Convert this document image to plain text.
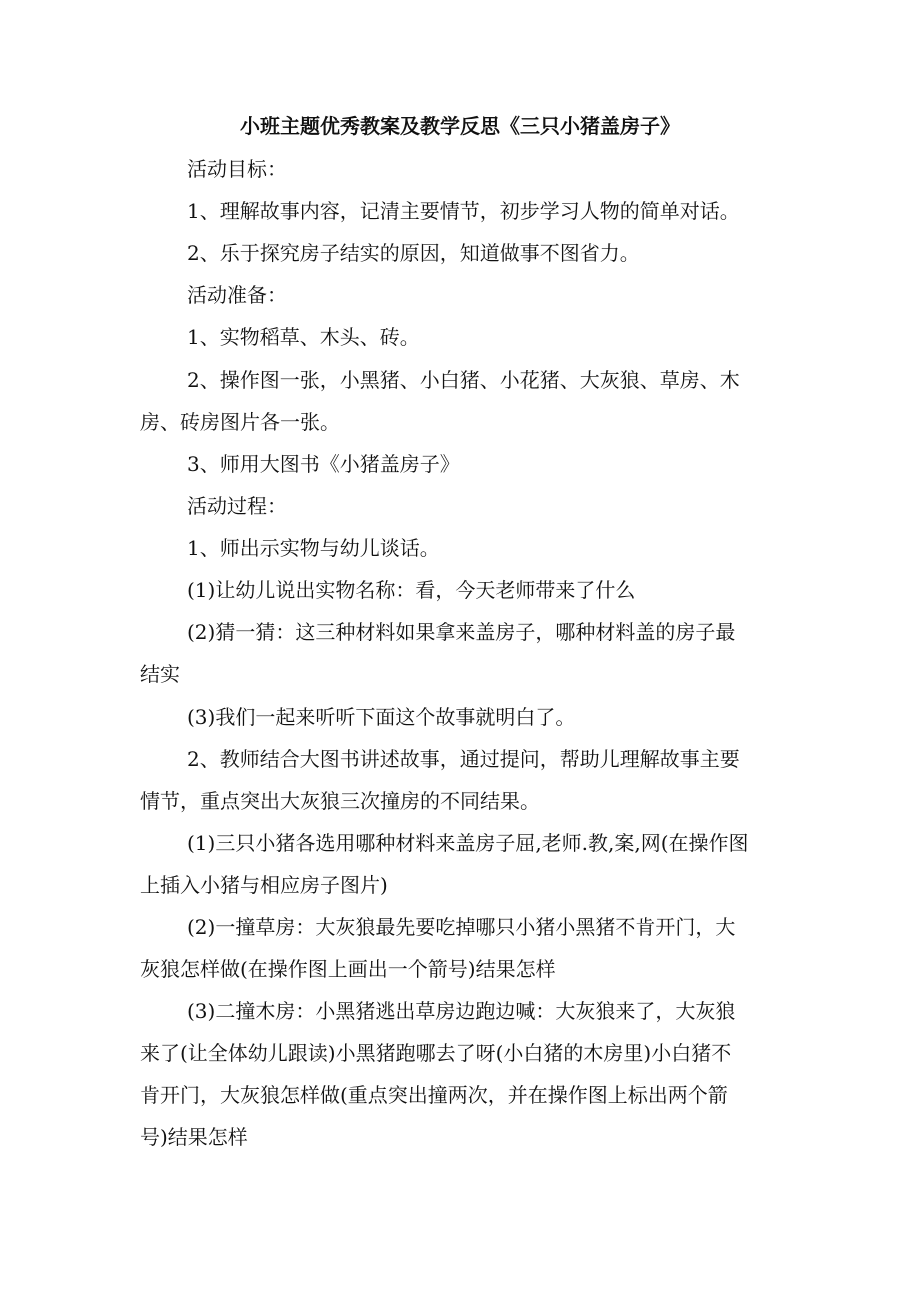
小班主题优秀教案及教学反思《三只小猪盖房子》
活动目标：
1、理解故事内容，记清主要情节，初步学习人物的简单对话。
2、乐于探究房子结实的原因，知道做事不图省力。
活动准备：
1、实物稻草、木头、砖。
2、操作图一张，小黑猪、小白猪、小花猪、大灰狼、草房、木
房、砖房图片各一张。
3、师用大图书《小猪盖房子》
活动过程：
1、师出示实物与幼儿谈话。
(1)让幼儿说出实物名称：看，今天老师带来了什么
(2)猜一猜：这三种材料如果拿来盖房子，哪种材料盖的房子最
结实
(3)我们一起来听听下面这个故事就明白了。
2、教师结合大图书讲述故事，通过提问，帮助儿理解故事主要
情节，重点突出大灰狼三次撞房的不同结果。
(1)三只小猪各选用哪种材料来盖房子屈,老师.教,案,网(在操作图
上插入小猪与相应房子图片)
(2)一撞草房：大灰狼最先要吃掉哪只小猪小黑猪不肯开门，大
灰狼怎样做(在操作图上画出一个箭号)结果怎样
(3)二撞木房：小黑猪逃出草房边跑边喊：大灰狼来了，大灰狼
来了(让全体幼儿跟读)小黑猪跑哪去了呀(小白猪的木房里)小白猪不
肯开门，大灰狼怎样做(重点突出撞两次，并在操作图上标出两个箭
号)结果怎样
